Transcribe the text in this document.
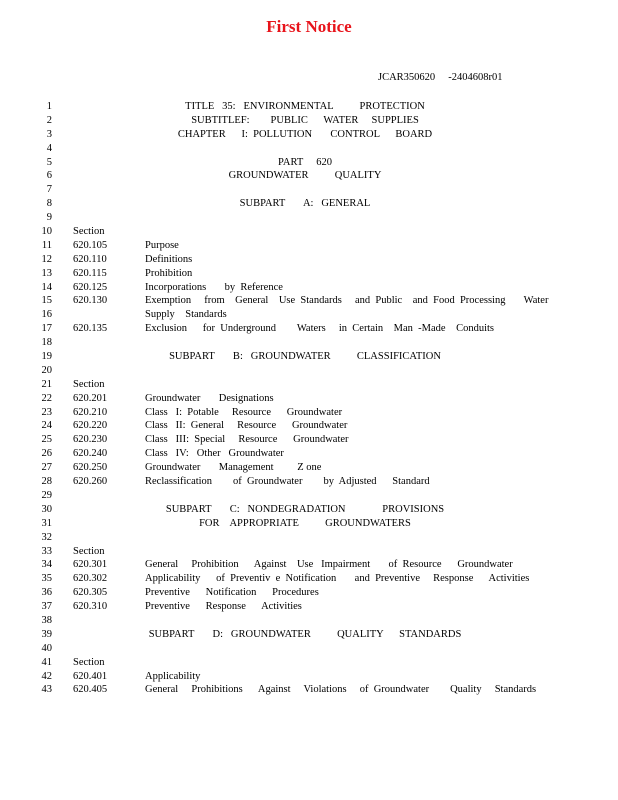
First Notice
JCAR350620     -2404608r01
1	TITLE   35:   ENVIRONMENTAL          PROTECTION
2	SUBTITLEF:        PUBLIC      WATER     SUPPLIES
3	CHAPTER      I:  POLLUTION       CONTROL      BOARD
4
5	PART     620
6	GROUNDWATER          QUALITY
7
8	SUBPART       A:   GENERAL
9
10 Section
11 620.105	Purpose
12 620.110	Definitions
13 620.115	Prohibition
14 620.125	Incorporations       by  Reference
15 620.130	Exemption     from    General    Use  Standards     and  Public    and  Food  Processing       Water
16	Supply    Standards
17 620.135	Exclusion      for  Underground        Waters     in  Certain    Man  -Made    Conduits
18
19	SUBPART       B:   GROUNDWATER          CLASSIFICATION
20
21 Section
22 620.201	Groundwater       Designations
23 620.210	Class   I:  Potable     Resource      Groundwater
24 620.220	Class   II:  General     Resource      Groundwater
25 620.230	Class   III:  Special     Resource      Groundwater
26 620.240	Class   IV:   Other   Groundwater
27 620.250	Groundwater       Management         Z one
28 620.260	Reclassification        of  Groundwater        by  Adjusted      Standard
29
30	SUBPART       C:   NONDEGRADATION              PROVISIONS
31	FOR    APPROPRIATE          GROUNDWATERS
32
33 Section
34 620.301	General     Prohibition      Against    Use   Impairment       of  Resource      Groundwater
35 620.302	Applicability      of  Preventiv  e  Notification       and  Preventive     Response      Activities
36 620.305	Preventive      Notification      Procedures
37 620.310	Preventive      Response      Activities
38
39	SUBPART       D:   GROUNDWATER          QUALITY      STANDARDS
40
41 Section
42 620.401	Applicability
43 620.405	General     Prohibitions      Against     Violations     of  Groundwater        Quality     Standards
